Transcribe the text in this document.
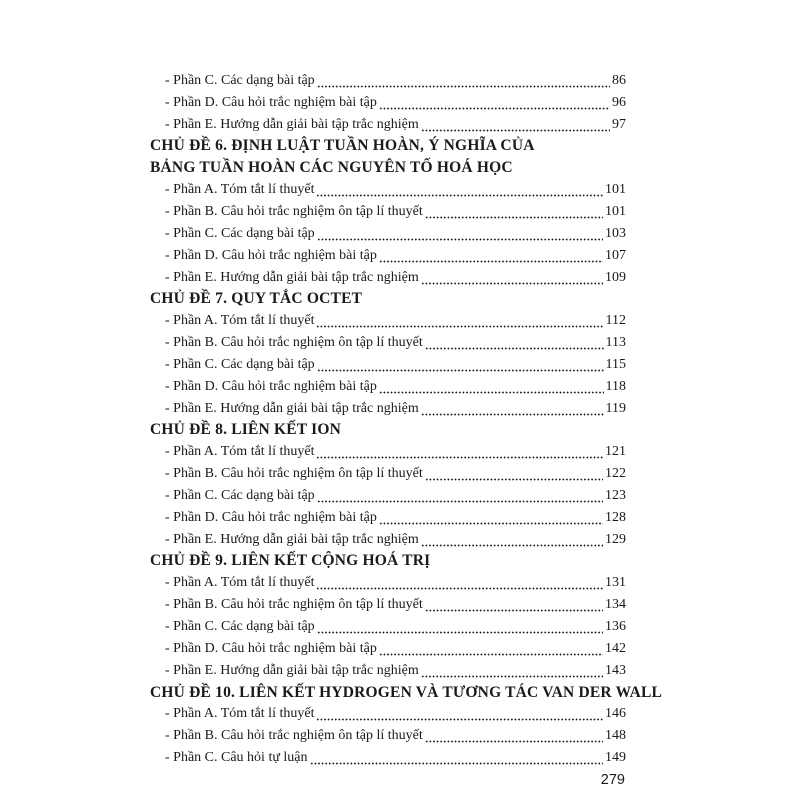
- Phần C. Các dạng bài tập	86
- Phần D. Câu hỏi trắc nghiệm bài tập	96
- Phần E. Hướng dẫn giải bài tập trắc nghiệm	97
CHỦ ĐỀ 6. ĐỊNH LUẬT TUẦN HOÀN, Ý NGHĨA CỦA
BẢNG TUẦN HOÀN CÁC NGUYÊN TỐ HOÁ HỌC
- Phần A. Tóm tắt lí thuyết	101
- Phần B. Câu hỏi trắc nghiệm ôn tập lí thuyết	101
- Phần C. Các dạng bài tập	103
- Phần D. Câu hỏi trắc nghiệm bài tập	107
- Phần E. Hướng dẫn giải bài tập trắc nghiệm	109
CHỦ ĐỀ 7. QUY TẮC OCTET
- Phần A. Tóm tắt lí thuyết	112
- Phần B. Câu hỏi trắc nghiệm ôn tập lí thuyết	113
- Phần C. Các dạng bài tập	115
- Phần D. Câu hỏi trắc nghiệm bài tập	118
- Phần E. Hướng dẫn giải bài tập trắc nghiệm	119
CHỦ ĐỀ 8. LIÊN KẾT ION
- Phần A. Tóm tắt lí thuyết	121
- Phần B. Câu hỏi trắc nghiệm ôn tập lí thuyết	122
- Phần C. Các dạng bài tập	123
- Phần D. Câu hỏi trắc nghiệm bài tập	128
- Phần E. Hướng dẫn giải bài tập trắc nghiệm	129
CHỦ ĐỀ 9. LIÊN KẾT CỘNG HOÁ TRỊ
- Phần A. Tóm tắt lí thuyết	131
- Phần B. Câu hỏi trắc nghiệm ôn tập lí thuyết	134
- Phần C. Các dạng bài tập	136
- Phần D. Câu hỏi trắc nghiệm bài tập	142
- Phần E. Hướng dẫn giải bài tập trắc nghiệm	143
CHỦ ĐỀ 10. LIÊN KẾT HYDROGEN VÀ TƯƠNG TÁC VAN DER WALL
- Phần A. Tóm tắt lí thuyết	146
- Phần B. Câu hỏi trắc nghiệm ôn tập lí thuyết	148
- Phần C. Câu hỏi tự luận	149
279
